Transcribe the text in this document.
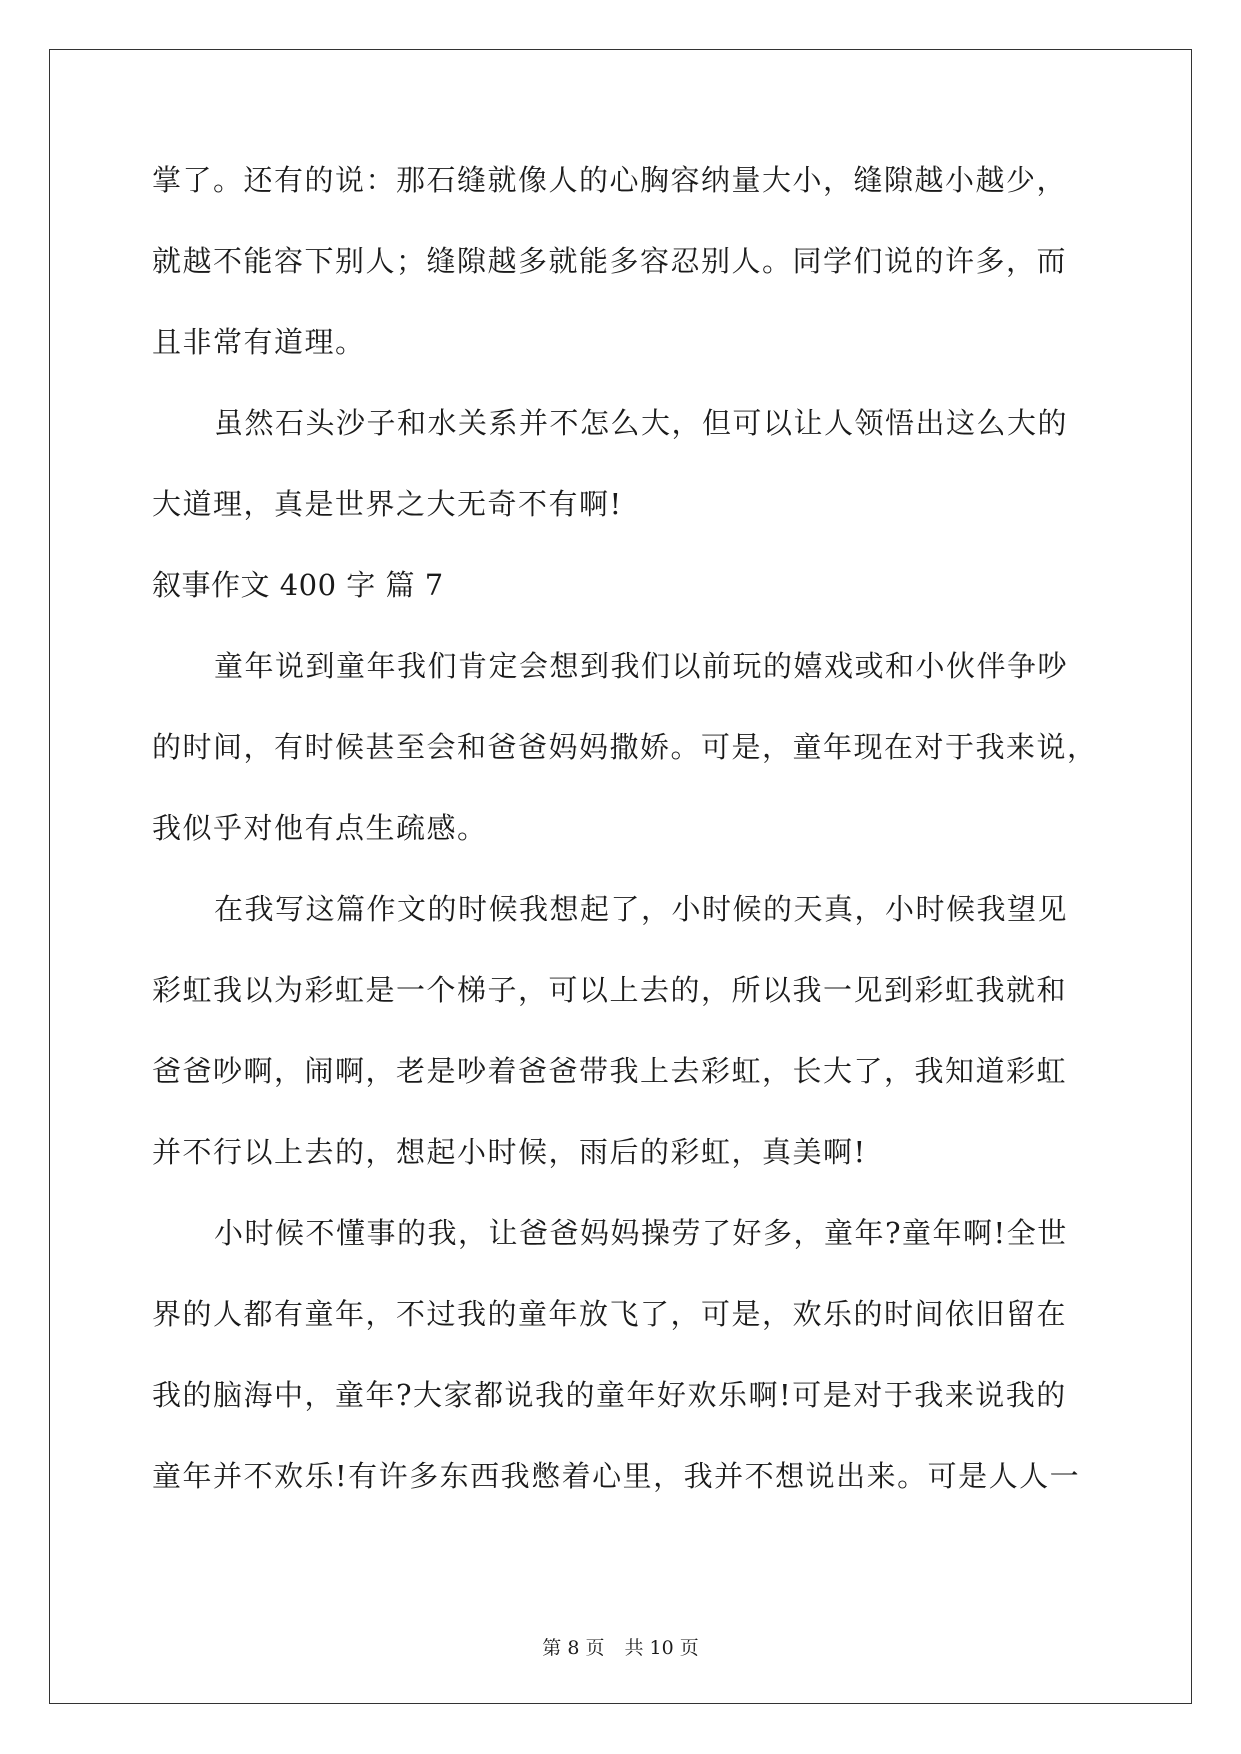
掌了。还有的说：那石缝就像人的心胸容纳量大小，缝隙越小越少，
就越不能容下别人；缝隙越多就能多容忍别人。同学们说的许多，而
且非常有道理。
虽然石头沙子和水关系并不怎么大，但可以让人领悟出这么大的
大道理，真是世界之大无奇不有啊!
叙事作文 400 字 篇 7
童年说到童年我们肯定会想到我们以前玩的嬉戏或和小伙伴争吵
的时间，有时候甚至会和爸爸妈妈撒娇。可是，童年现在对于我来说，
我似乎对他有点生疏感。
在我写这篇作文的时候我想起了，小时候的天真，小时候我望见
彩虹我以为彩虹是一个梯子，可以上去的，所以我一见到彩虹我就和
爸爸吵啊，闹啊，老是吵着爸爸带我上去彩虹，长大了，我知道彩虹
并不行以上去的，想起小时候，雨后的彩虹，真美啊!
小时候不懂事的我，让爸爸妈妈操劳了好多，童年?童年啊!全世
界的人都有童年，不过我的童年放飞了，可是，欢乐的时间依旧留在
我的脑海中，童年?大家都说我的童年好欢乐啊!可是对于我来说我的
童年并不欢乐!有许多东西我憋着心里，我并不想说出来。可是人人一
第 8 页 共 10 页
